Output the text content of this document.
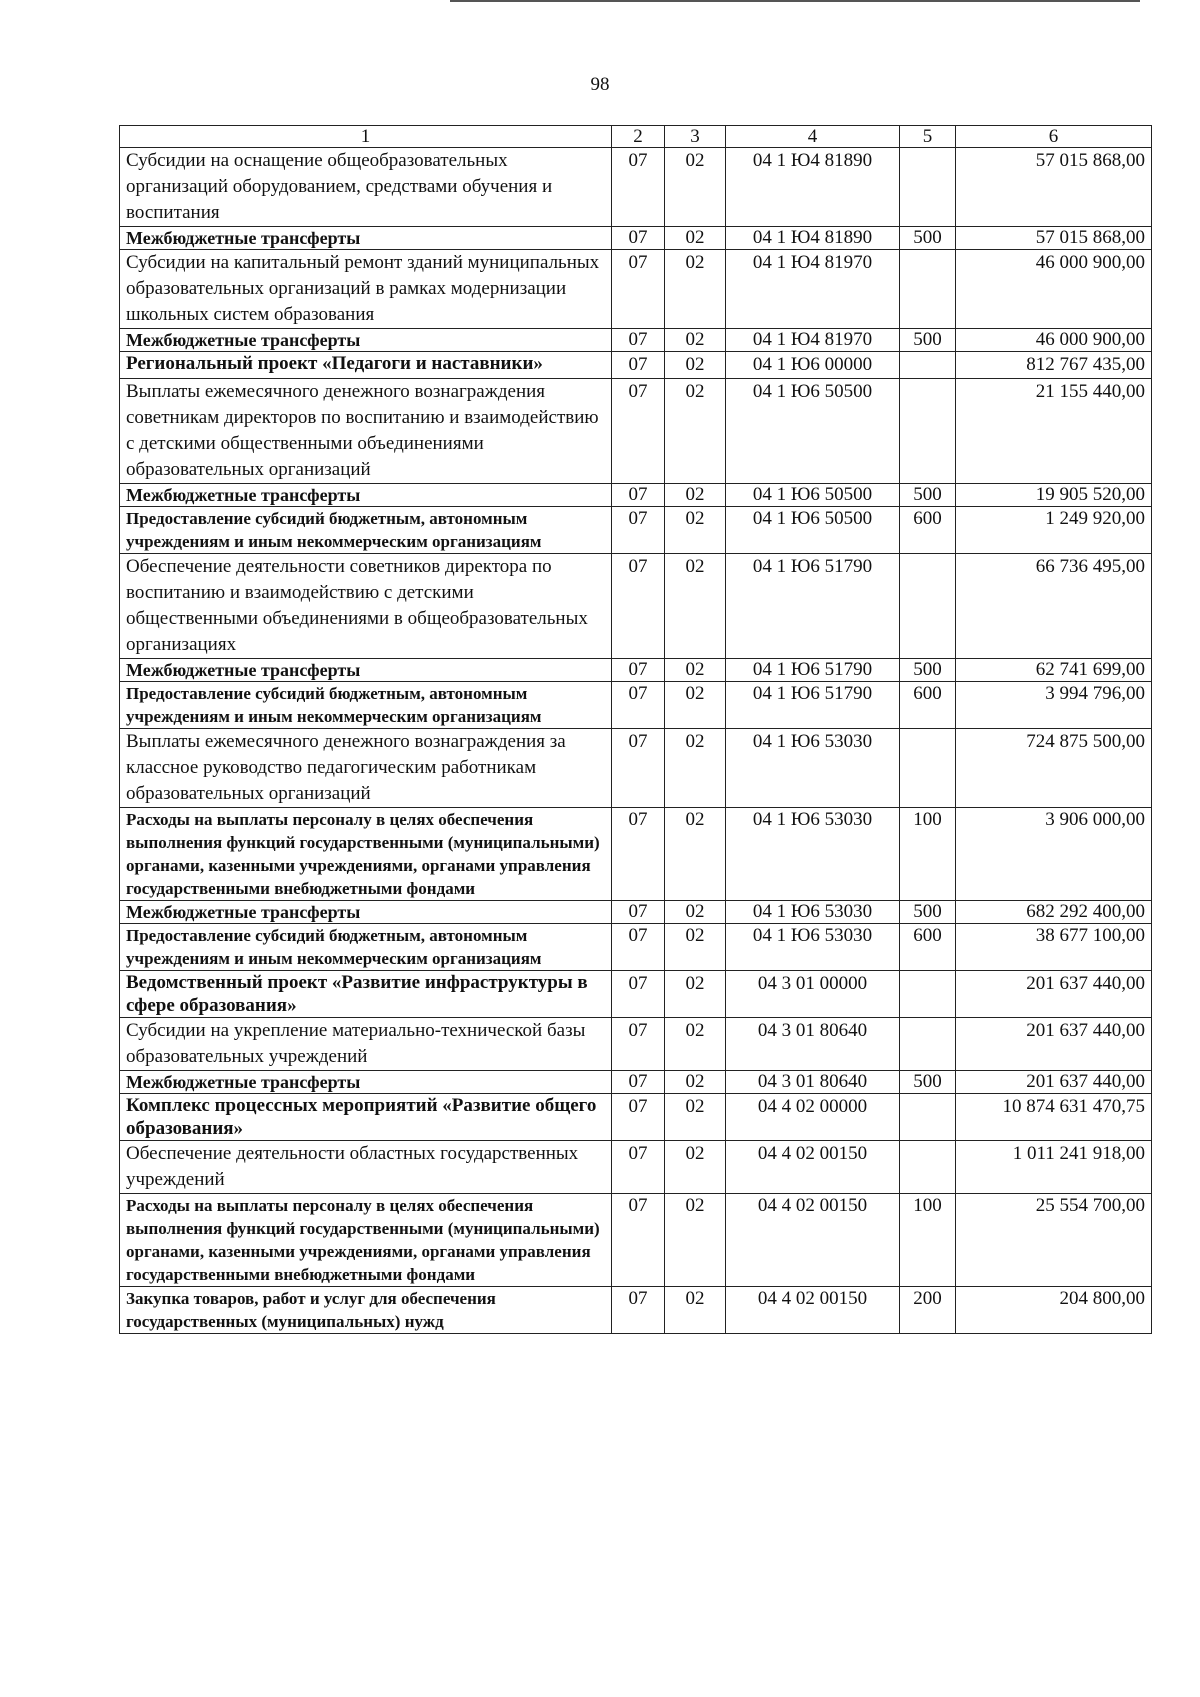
98
1	2	3	4	5	6
Субсидии на оснащение общеобразовательных организаций оборудованием, средствами обучения и воспитания	07	02	04 1 Ю4 81890		57 015 868,00
Межбюджетные трансферты	07	02	04 1 Ю4 81890	500	57 015 868,00
Субсидии на капитальный ремонт зданий муниципальных образовательных организаций в рамках модернизации школьных систем образования	07	02	04 1 Ю4 81970		46 000 900,00
Межбюджетные трансферты	07	02	04 1 Ю4 81970	500	46 000 900,00
Региональный проект «Педагоги и наставники»	07	02	04 1 Ю6 00000		812 767 435,00
Выплаты ежемесячного денежного вознаграждения советникам директоров по воспитанию и взаимодействию с детскими общественными объединениями образовательных организаций	07	02	04 1 Ю6 50500		21 155 440,00
Межбюджетные трансферты	07	02	04 1 Ю6 50500	500	19 905 520,00
Предоставление субсидий бюджетным, автономным учреждениям и иным некоммерческим организациям	07	02	04 1 Ю6 50500	600	1 249 920,00
Обеспечение деятельности советников директора по воспитанию и взаимодействию с детскими общественными объединениями в общеобразовательных организациях	07	02	04 1 Ю6 51790		66 736 495,00
Межбюджетные трансферты	07	02	04 1 Ю6 51790	500	62 741 699,00
Предоставление субсидий бюджетным, автономным учреждениям и иным некоммерческим организациям	07	02	04 1 Ю6 51790	600	3 994 796,00
Выплаты ежемесячного денежного вознаграждения за классное руководство педагогическим работникам образовательных организаций	07	02	04 1 Ю6 53030		724 875 500,00
Расходы на выплаты персоналу в целях обеспечения выполнения функций государственными (муниципальными) органами, казенными учреждениями, органами управления государственными внебюджетными фондами	07	02	04 1 Ю6 53030	100	3 906 000,00
Межбюджетные трансферты	07	02	04 1 Ю6 53030	500	682 292 400,00
Предоставление субсидий бюджетным, автономным учреждениям и иным некоммерческим организациям	07	02	04 1 Ю6 53030	600	38 677 100,00
Ведомственный проект «Развитие инфраструктуры в сфере образования»	07	02	04 3 01 00000		201 637 440,00
Субсидии на укрепление материально-технической базы образовательных учреждений	07	02	04 3 01 80640		201 637 440,00
Межбюджетные трансферты	07	02	04 3 01 80640	500	201 637 440,00
Комплекс процессных мероприятий «Развитие общего образования»	07	02	04 4 02 00000		10 874 631 470,75
Обеспечение деятельности областных государственных учреждений	07	02	04 4 02 00150		1 011 241 918,00
Расходы на выплаты персоналу в целях обеспечения выполнения функций государственными (муниципальными) органами, казенными учреждениями, органами управления государственными внебюджетными фондами	07	02	04 4 02 00150	100	25 554 700,00
Закупка товаров, работ и услуг для обеспечения государственных (муниципальных) нужд	07	02	04 4 02 00150	200	204 800,00
